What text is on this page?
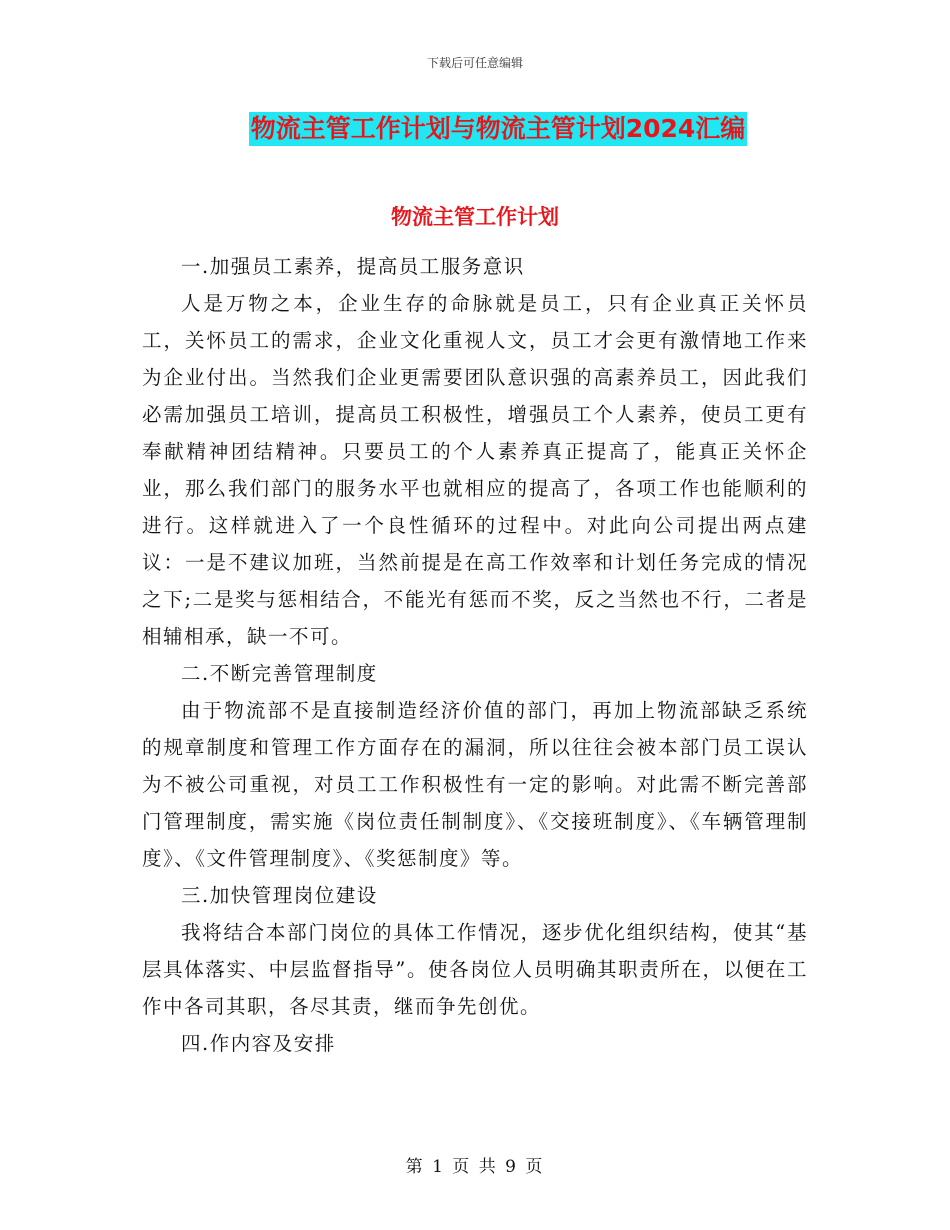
下载后可任意编辑
物流主管工作计划与物流主管计划2024汇编
物流主管工作计划

一.加强员工素养，提高员工服务意识

人是万物之本，企业生存的命脉就是员工，只有企业真正关怀员工，关怀员工的需求，企业文化重视人文，员工才会更有激情地工作来为企业付出。当然我们企业更需要团队意识强的高素养员工，因此我们必需加强员工培训，提高员工积极性，增强员工个人素养，使员工更有奉献精神团结精神。只要员工的个人素养真正提高了，能真正关怀企业，那么我们部门的服务水平也就相应的提高了，各项工作也能顺利的进行。这样就进入了一个良性循环的过程中。对此向公司提出两点建议：一是不建议加班，当然前提是在高工作效率和计划任务完成的情况之下;二是奖与惩相结合，不能光有惩而不奖，反之当然也不行，二者是相辅相承，缺一不可。

二.不断完善管理制度

由于物流部不是直接制造经济价值的部门，再加上物流部缺乏系统的规章制度和管理工作方面存在的漏洞，所以往往会被本部门员工误认为不被公司重视，对员工工作积极性有一定的影响。对此需不断完善部门管理制度，需实施《岗位责任制制度》、《交接班制度》、《车辆管理制度》、《文件管理制度》、《奖惩制度》等。

三.加快管理岗位建设

我将结合本部门岗位的具体工作情况，逐步优化组织结构，使其“基层具体落实、中层监督指导”。使各岗位人员明确其职责所在，以便在工作中各司其职，各尽其责，继而争先创优。

四.作内容及安排

第 1 页 共 9 页
